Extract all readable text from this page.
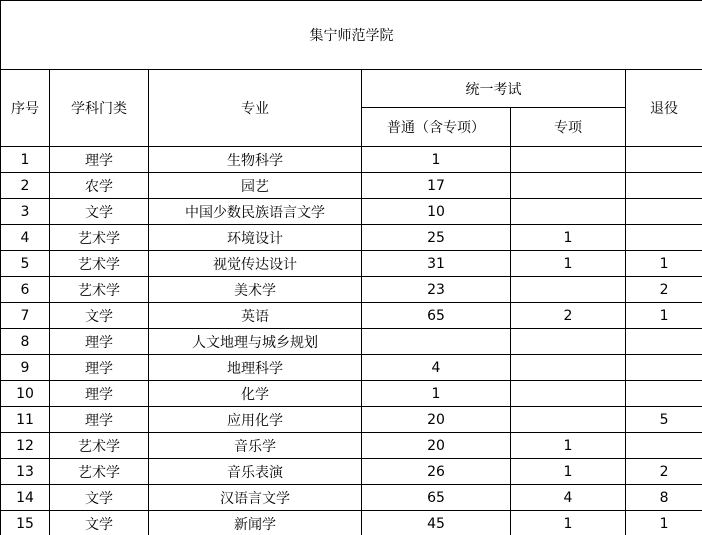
集宁师范学院					
序号	学科门类	专业	统一考试		退役
			普通（含专项）	专项	
1	理学	生物科学	1		
2	农学	园艺	17		
3	文学	中国少数民族语言文学	10		
4	艺术学	环境设计	25	1	
5	艺术学	视觉传达设计	31	1	1
6	艺术学	美术学	23		2
7	文学	英语	65	2	1
8	理学	人文地理与城乡规划			
9	理学	地理科学	4		
10	理学	化学	1		
11	理学	应用化学	20		5
12	艺术学	音乐学	20	1	
13	艺术学	音乐表演	26	1	2
14	文学	汉语言文学	65	4	8
15	文学	新闻学	45	1	1
